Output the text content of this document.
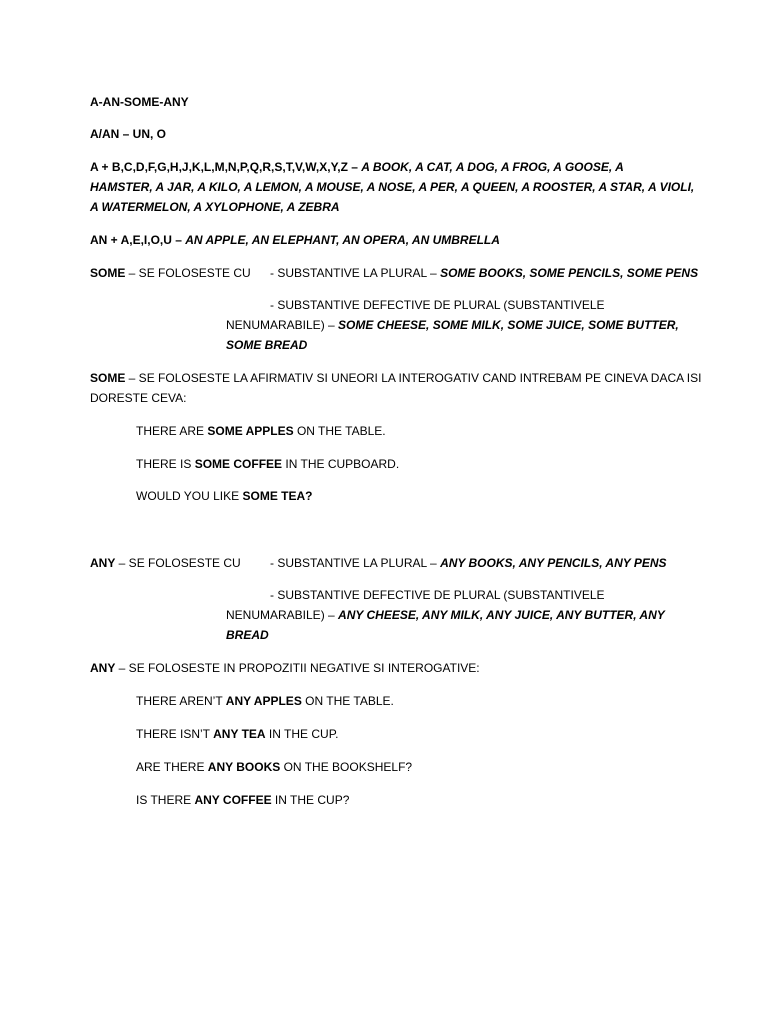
A-AN-SOME-ANY
A/AN – UN, O
A + B,C,D,F,G,H,J,K,L,M,N,P,Q,R,S,T,V,W,X,Y,Z – A BOOK, A CAT, A DOG, A FROG, A GOOSE, A
HAMSTER, A JAR, A KILO, A LEMON, A MOUSE, A NOSE, A PER, A QUEEN, A ROOSTER, A STAR, A VIOLI,
A WATERMELON, A XYLOPHONE, A ZEBRA
AN + A,E,I,O,U – AN APPLE, AN ELEPHANT, AN OPERA, AN UMBRELLA
SOME – SE FOLOSESTE CU - SUBSTANTIVE LA PLURAL – SOME BOOKS, SOME PENCILS, SOME PENS
- SUBSTANTIVE DEFECTIVE DE PLURAL (SUBSTANTIVELE
NENUMARABILE) – SOME CHEESE, SOME MILK, SOME JUICE, SOME BUTTER,
SOME BREAD
SOME – SE FOLOSESTE LA AFIRMATIV SI UNEORI LA INTEROGATIV CAND INTREBAM PE CINEVA DACA ISI
DORESTE CEVA:
THERE ARE SOME APPLES ON THE TABLE.
THERE IS SOME COFFEE IN THE CUPBOARD.
WOULD YOU LIKE SOME TEA?
ANY – SE FOLOSESTE CU - SUBSTANTIVE LA PLURAL – ANY BOOKS, ANY PENCILS, ANY PENS
- SUBSTANTIVE DEFECTIVE DE PLURAL (SUBSTANTIVELE
NENUMARABILE) – ANY CHEESE, ANY MILK, ANY JUICE, ANY BUTTER, ANY
BREAD
ANY – SE FOLOSESTE IN PROPOZITII NEGATIVE SI INTEROGATIVE:
THERE AREN’T ANY APPLES ON THE TABLE.
THERE ISN’T ANY TEA IN THE CUP.
ARE THERE ANY BOOKS ON THE BOOKSHELF?
IS THERE ANY COFFEE IN THE CUP?
